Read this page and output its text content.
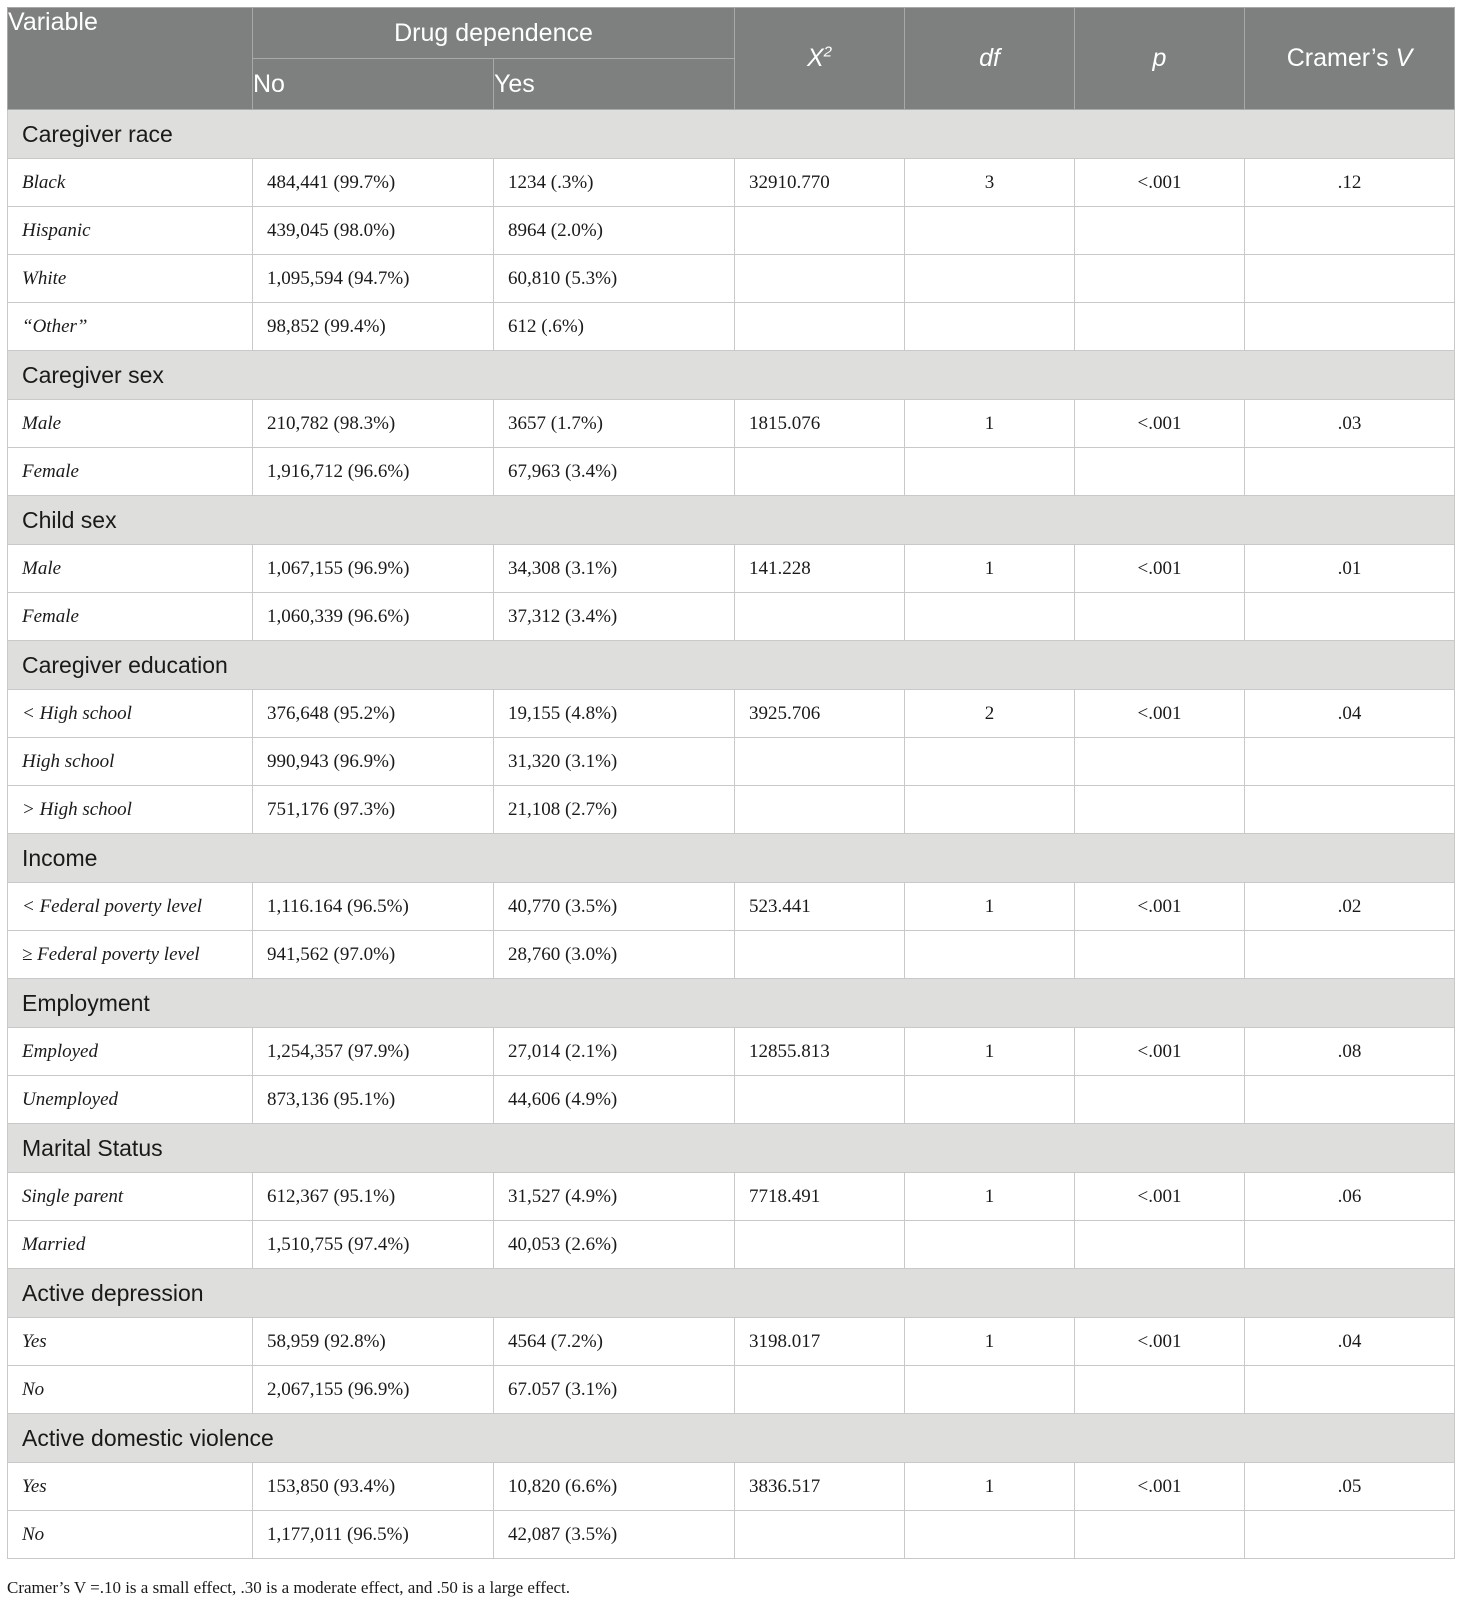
Variable	Drug dependence		$X^2$	df	p	Cramer’s V
	No	Yes				
Caregiver race						
Black	484,441 (99.7%)	1234 (.3%)	32910.770	3	<.001	.12
Hispanic	439,045 (98.0%)	8964 (2.0%)				
White	1,095,594 (94.7%)	60,810 (5.3%)				
“Other”	98,852 (99.4%)	612 (.6%)				
Caregiver sex						
Male	210,782 (98.3%)	3657 (1.7%)	1815.076	1	<.001	.03
Female	1,916,712 (96.6%)	67,963 (3.4%)				
Child sex						
Male	1,067,155 (96.9%)	34,308 (3.1%)	141.228	1	<.001	.01
Female	1,060,339 (96.6%)	37,312 (3.4%)				
Caregiver education						
< High school	376,648 (95.2%)	19,155 (4.8%)	3925.706	2	<.001	.04
High school	990,943 (96.9%)	31,320 (3.1%)				
> High school	751,176 (97.3%)	21,108 (2.7%)				
Income						
< Federal poverty level	1,116.164 (96.5%)	40,770 (3.5%)	523.441	1	<.001	.02
≥ Federal poverty level	941,562 (97.0%)	28,760 (3.0%)				
Employment						
Employed	1,254,357 (97.9%)	27,014 (2.1%)	12855.813	1	<.001	.08
Unemployed	873,136 (95.1%)	44,606 (4.9%)				
Marital Status						
Single parent	612,367 (95.1%)	31,527 (4.9%)	7718.491	1	<.001	.06
Married	1,510,755 (97.4%)	40,053 (2.6%)				
Active depression						
Yes	58,959 (92.8%)	4564 (7.2%)	3198.017	1	<.001	.04
No	2,067,155 (96.9%)	67.057 (3.1%)				
Active domestic violence						
Yes	153,850 (93.4%)	10,820 (6.6%)	3836.517	1	<.001	.05
No	1,177,011 (96.5%)	42,087 (3.5%)				
Cramer’s V =.10 is a small effect, .30 is a moderate effect, and .50 is a large effect.
